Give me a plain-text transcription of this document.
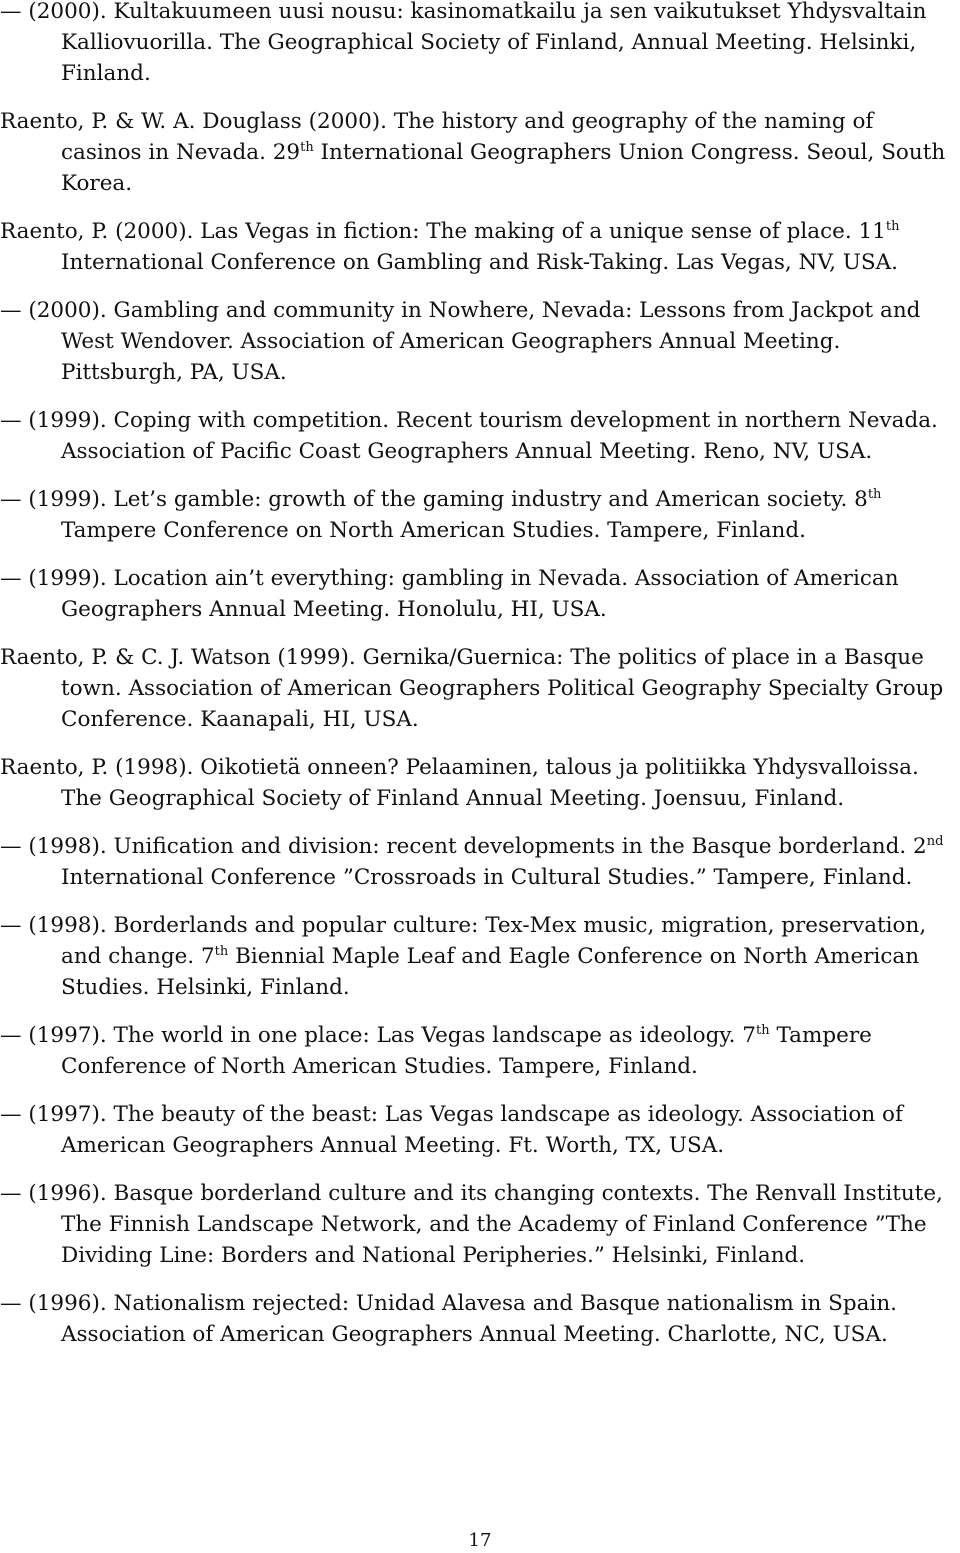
— (2000). Kultakuumeen uusi nousu: kasinomatkailu ja sen vaikutukset Yhdysvaltain Kalliovuorilla. The Geographical Society of Finland, Annual Meeting. Helsinki, Finland.

Raento, P. & W. A. Douglass (2000). The history and geography of the naming of casinos in Nevada. 29th International Geographers Union Congress. Seoul, South Korea.

Raento, P. (2000). Las Vegas in fiction: The making of a unique sense of place. 11th International Conference on Gambling and Risk-Taking. Las Vegas, NV, USA.

— (2000). Gambling and community in Nowhere, Nevada: Lessons from Jackpot and West Wendover. Association of American Geographers Annual Meeting. Pittsburgh, PA, USA.

— (1999). Coping with competition. Recent tourism development in northern Nevada. Association of Pacific Coast Geographers Annual Meeting. Reno, NV, USA.

— (1999). Let’s gamble: growth of the gaming industry and American society. 8th Tampere Conference on North American Studies. Tampere, Finland.

— (1999). Location ain’t everything: gambling in Nevada. Association of American Geographers Annual Meeting. Honolulu, HI, USA.

Raento, P. & C. J. Watson (1999). Gernika/Guernica: The politics of place in a Basque town. Association of American Geographers Political Geography Specialty Group Conference. Kaanapali, HI, USA.

Raento, P. (1998). Oikotietä onneen? Pelaaminen, talous ja politiikka Yhdysvalloissa. The Geographical Society of Finland Annual Meeting. Joensuu, Finland.

— (1998). Unification and division: recent developments in the Basque borderland. 2nd International Conference ”Crossroads in Cultural Studies.” Tampere, Finland.

— (1998). Borderlands and popular culture: Tex-Mex music, migration, preservation, and change. 7th Biennial Maple Leaf and Eagle Conference on North American Studies. Helsinki, Finland.

— (1997). The world in one place: Las Vegas landscape as ideology. 7th Tampere Conference of North American Studies. Tampere, Finland.

— (1997). The beauty of the beast: Las Vegas landscape as ideology. Association of American Geographers Annual Meeting. Ft. Worth, TX, USA.

— (1996). Basque borderland culture and its changing contexts. The Renvall Institute, The Finnish Landscape Network, and the Academy of Finland Conference ”The Dividing Line: Borders and National Peripheries.” Helsinki, Finland.

— (1996). Nationalism rejected: Unidad Alavesa and Basque nationalism in Spain. Association of American Geographers Annual Meeting. Charlotte, NC, USA.

17
